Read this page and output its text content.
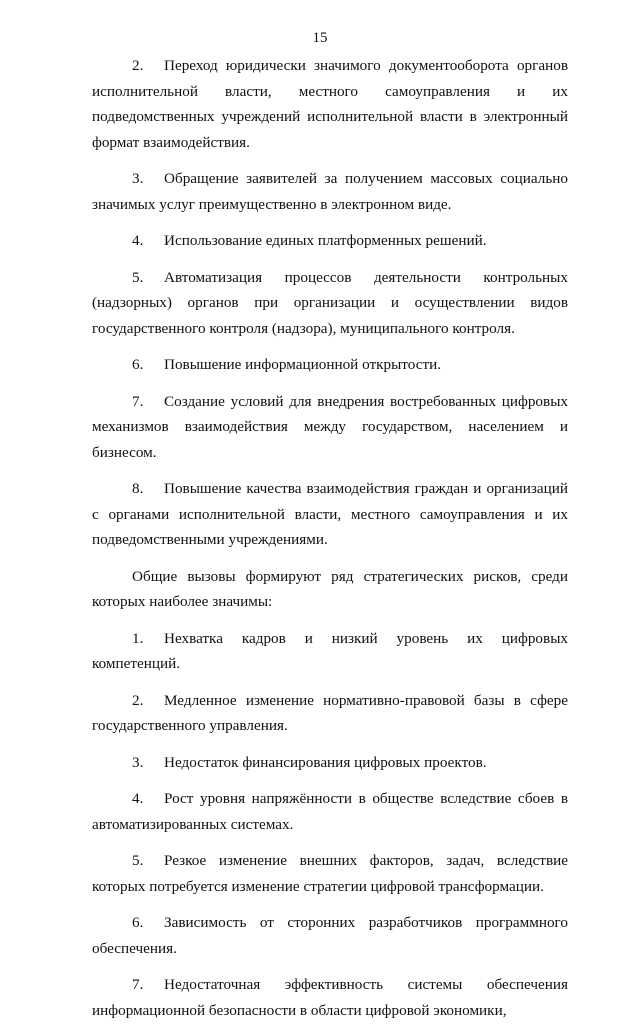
15

2. Переход юридически значимого документооборота органов исполнительной власти, местного самоуправления и их подведомственных учреждений исполнительной власти в электронный формат взаимодействия.

3. Обращение заявителей за получением массовых социально значимых услуг преимущественно в электронном виде.

4. Использование единых платформенных решений.

5. Автоматизация процессов деятельности контрольных (надзорных) органов при организации и осуществлении видов государственного контроля (надзора), муниципального контроля.

6. Повышение информационной открытости.

7. Создание условий для внедрения востребованных цифровых механизмов взаимодействия между государством, населением и бизнесом.

8. Повышение качества взаимодействия граждан и организаций с органами исполнительной власти, местного самоуправления и их подведомственными учреждениями.

Общие вызовы формируют ряд стратегических рисков, среди которых наиболее значимы:

1. Нехватка кадров и низкий уровень их цифровых компетенций.

2. Медленное изменение нормативно-правовой базы в сфере государственного управления.

3. Недостаток финансирования цифровых проектов.

4. Рост уровня напряжённости в обществе вследствие сбоев в автоматизированных системах.

5. Резкое изменение внешних факторов, задач, вследствие которых потребуется изменение стратегии цифровой трансформации.

6. Зависимость от сторонних разработчиков программного обеспечения.

7. Недостаточная эффективность системы обеспечения информационной безопасности в области цифровой экономики,
